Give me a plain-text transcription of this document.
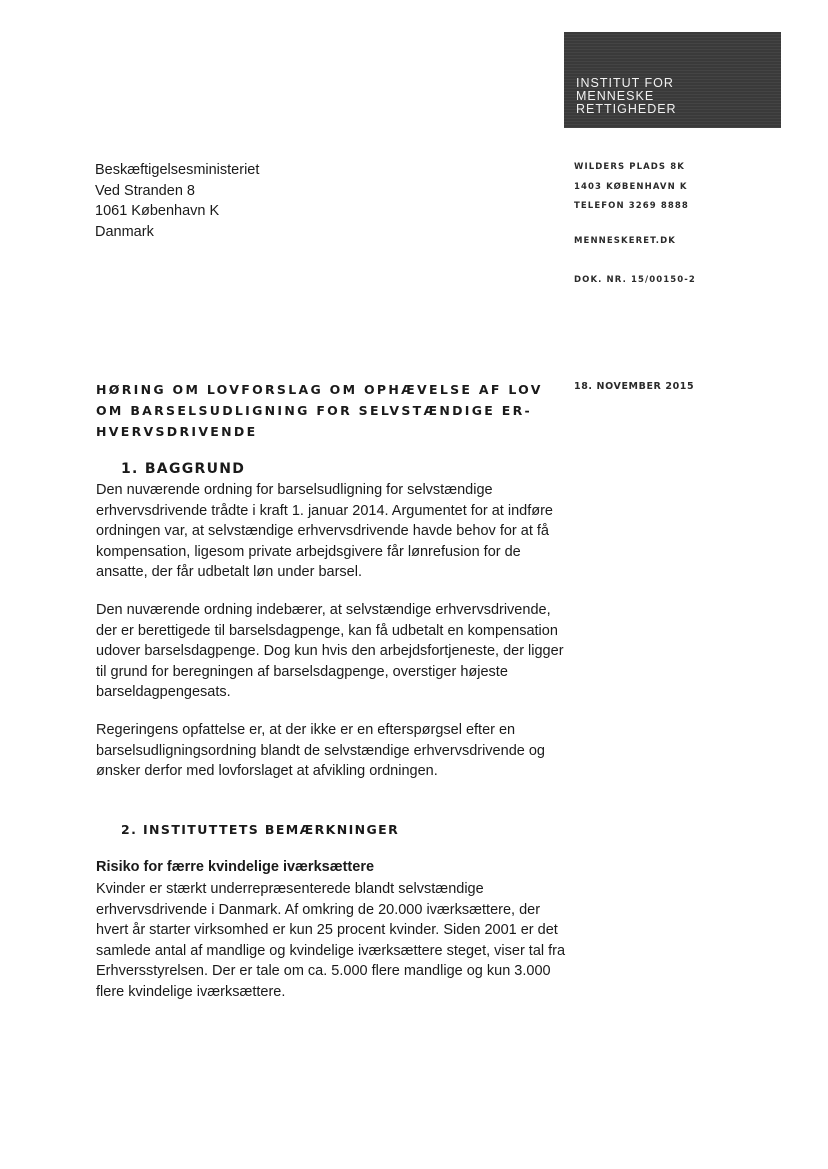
INSTITUT FOR
MENNESKE
RETTIGHEDER
Beskæftigelsesministeriet
Ved Stranden 8
1061 København K
Danmark
WILDERS PLADS 8K
1403 KØBENHAVN K
TELEFON 3269 8888
MENNESKERET.DK
DOK. NR. 15/00150-2
18. NOVEMBER 2015
HØRING OM LOVFORSLAG OM OPHÆVELSE AF LOV OM BARSELSUDLIGNING FOR SELVSTÆNDIGE ER-HVERVSDRIVENDE
1. BAGGRUND
Den nuværende ordning for barselsudligning for selvstændige erhvervsdrivende trådte i kraft 1. januar 2014. Argumentet for at indføre ordningen var, at selvstændige erhvervsdrivende havde behov for at få kompensation, ligesom private arbejdsgivere får lønrefusion for de ansatte, der får udbetalt løn under barsel.
Den nuværende ordning indebærer, at selvstændige erhvervsdrivende, der er berettigede til barselsdagpenge, kan få udbetalt en kompensation udover barselsdagpenge. Dog kun hvis den arbejdsfortjeneste, der ligger til grund for beregningen af barselsdagpenge, overstiger højeste barseldagpengesats.
Regeringens opfattelse er, at der ikke er en efterspørgsel efter en barselsudligningsordning blandt de selvstændige erhvervsdrivende og ønsker derfor med lovforslaget at afvikling ordningen.
2. INSTITUTTETS BEMÆRKNINGER
Risiko for færre kvindelige iværksættere
Kvinder er stærkt underrepræsenterede blandt selvstændige erhvervsdrivende i Danmark. Af omkring de 20.000 iværksættere, der hvert år starter virksomhed er kun 25 procent kvinder. Siden 2001 er det samlede antal af mandlige og kvindelige iværksættere steget, viser tal fra Erhversstyrelsen. Der er tale om ca. 5.000 flere mandlige og kun 3.000 flere kvindelige iværksættere.
